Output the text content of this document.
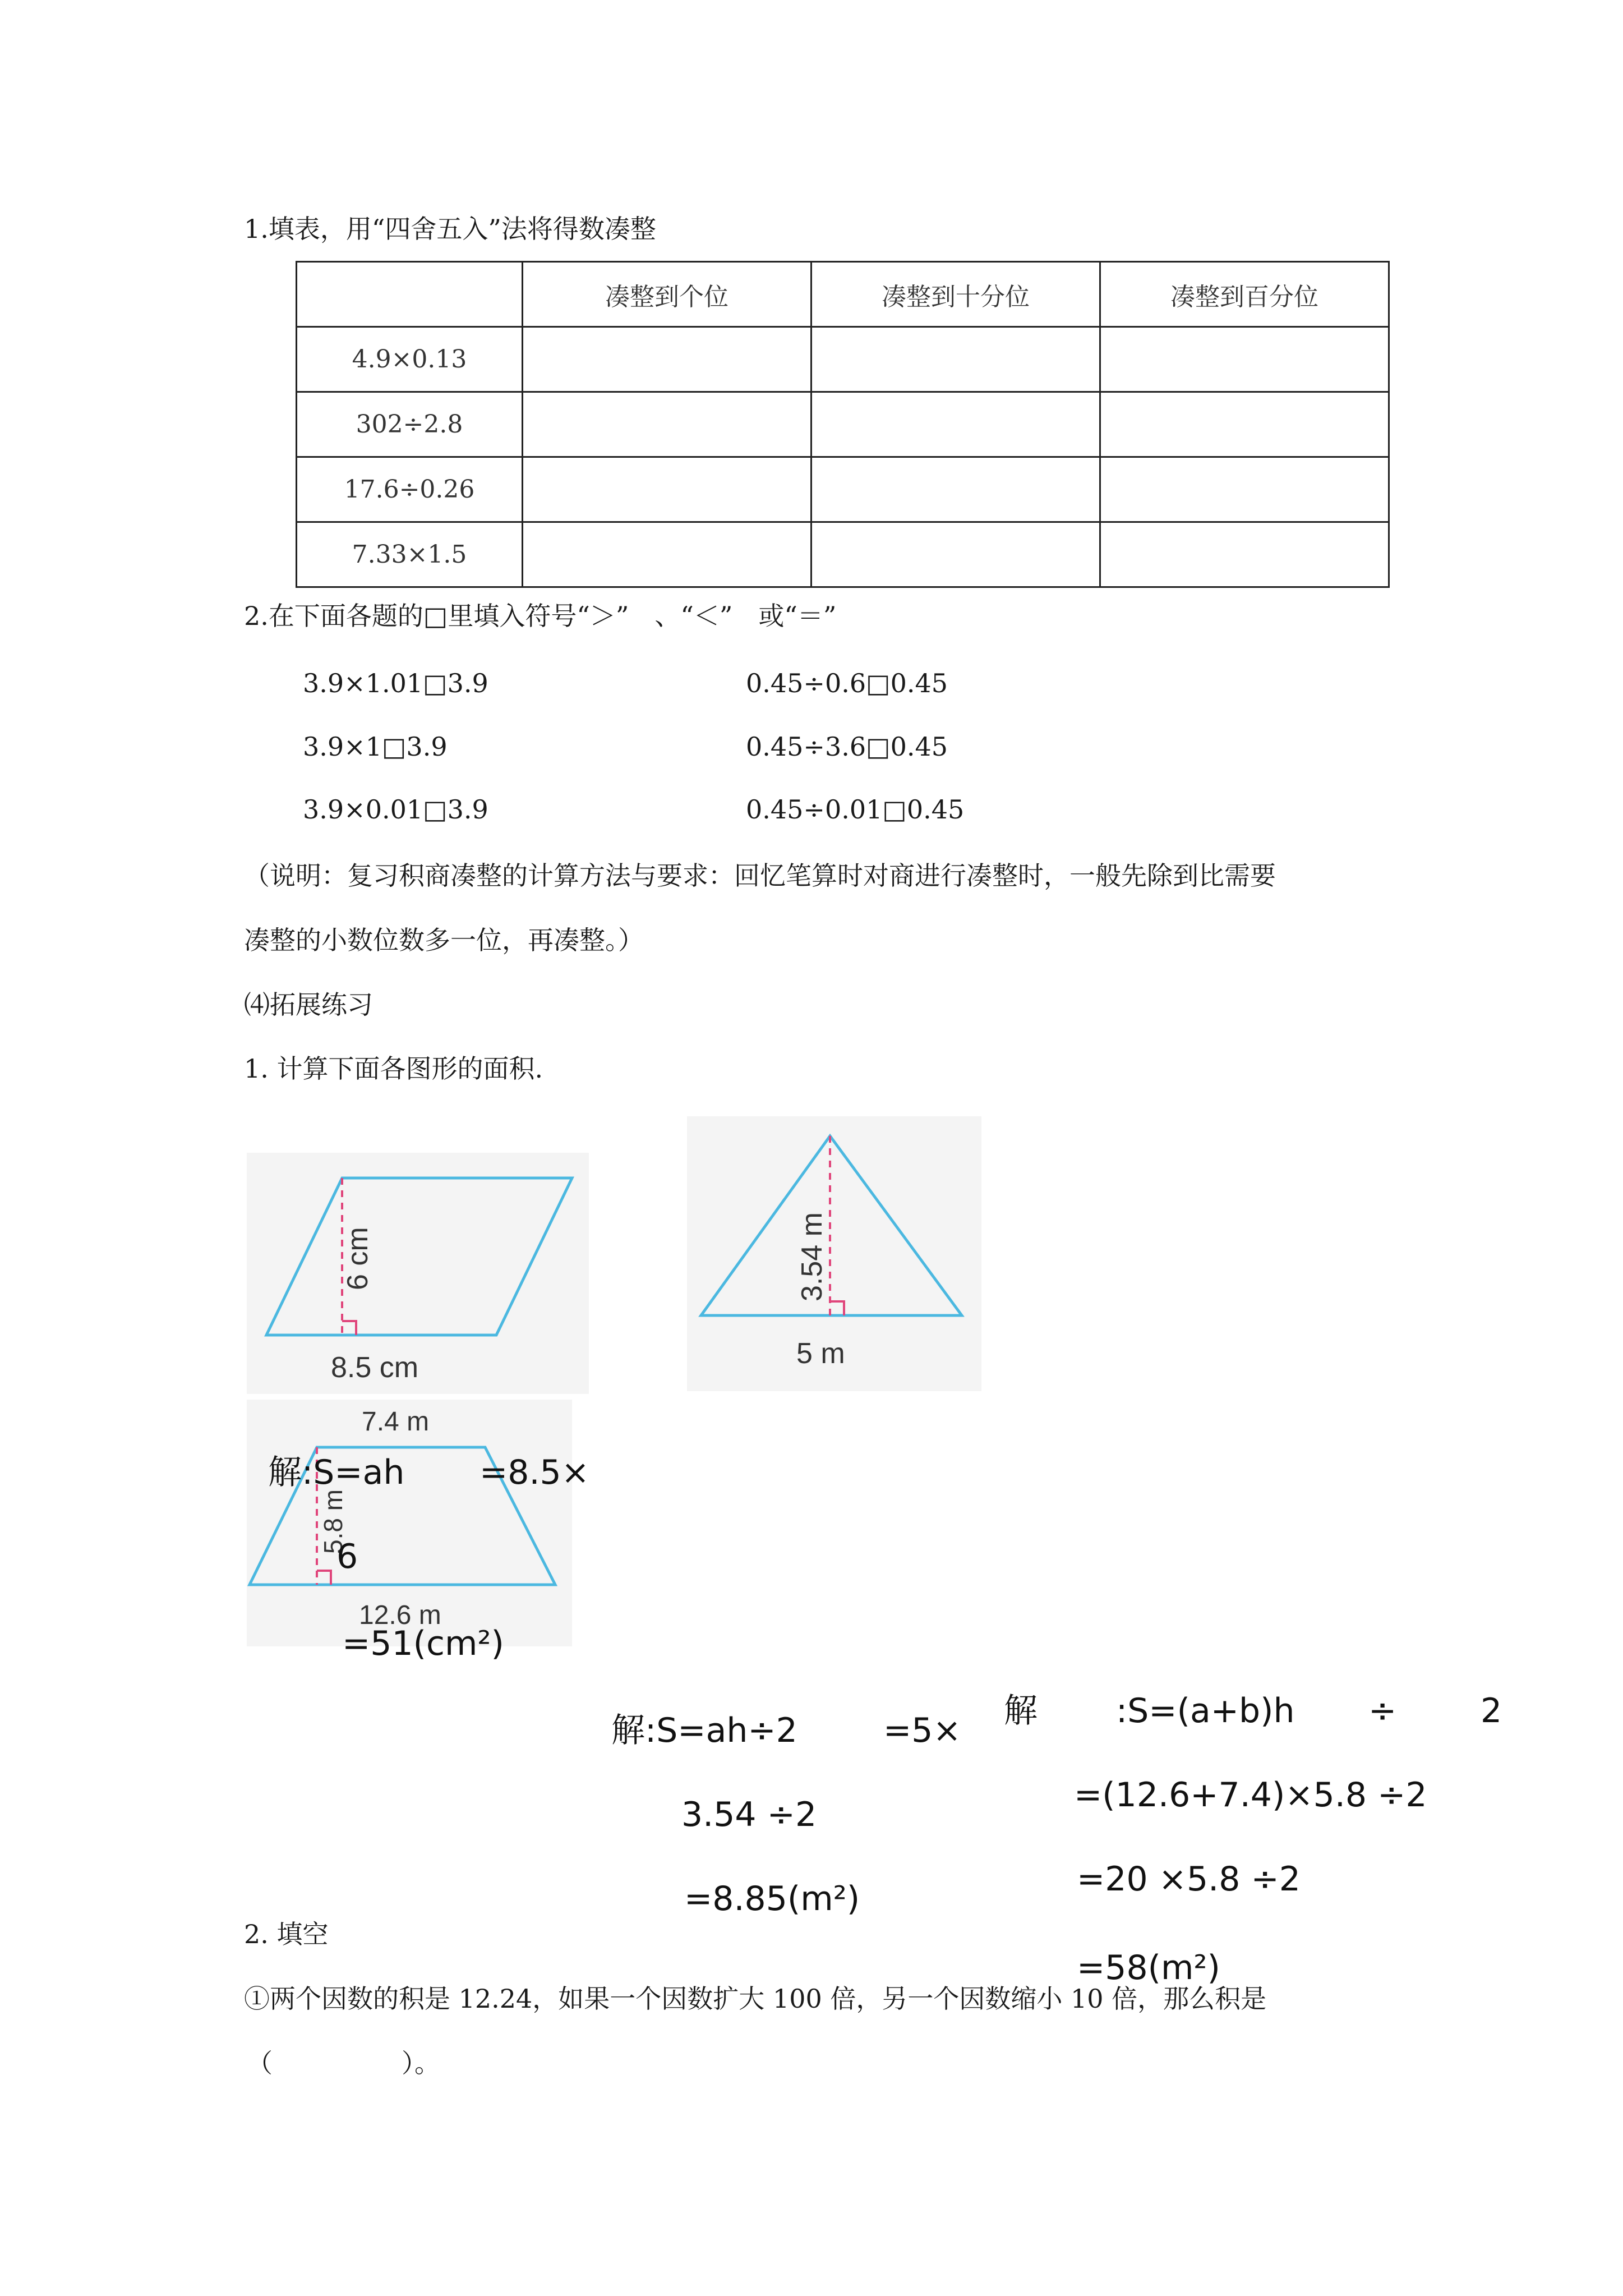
1.填表，用“四舍五入”法将得数凑整
	凑整到个位	凑整到十分位	凑整到百分位
4.9×0.13			
302÷2.8			
17.6÷0.26			
7.33×1.5			
2.在下面各题的□里填入符号“＞”　、“＜”　或“＝”
3.9×1.01□3.9
3.9×1□3.9
3.9×0.01□3.9
0.45÷0.6□0.45
0.45÷3.6□0.45
0.45÷0.01□0.45
（说明：复习积商凑整的计算方法与要求：回忆笔算时对商进行凑整时，一般先除到比需要
凑整的小数位数多一位，再凑整。）
⑷拓展练习
1. 计算下面各图形的面积.
6 cm
8.5 cm
3.54 m
5 m
7.4 m
5.8 m
12.6 m
解:S=ah =8.5×
6
=51(cm²)
解:S=ah÷2	=5×
3.54 ÷2
=8.85(m²)
解 :S=(a+b)h ÷ 2
=(12.6+7.4)×5.8 ÷2
=20 ×5.8 ÷2
=58(m²)
2. 填空
①两个因数的积是 12.24，如果一个因数扩大 100 倍，另一个因数缩小 10 倍，那么积是
（　　　　　）。
